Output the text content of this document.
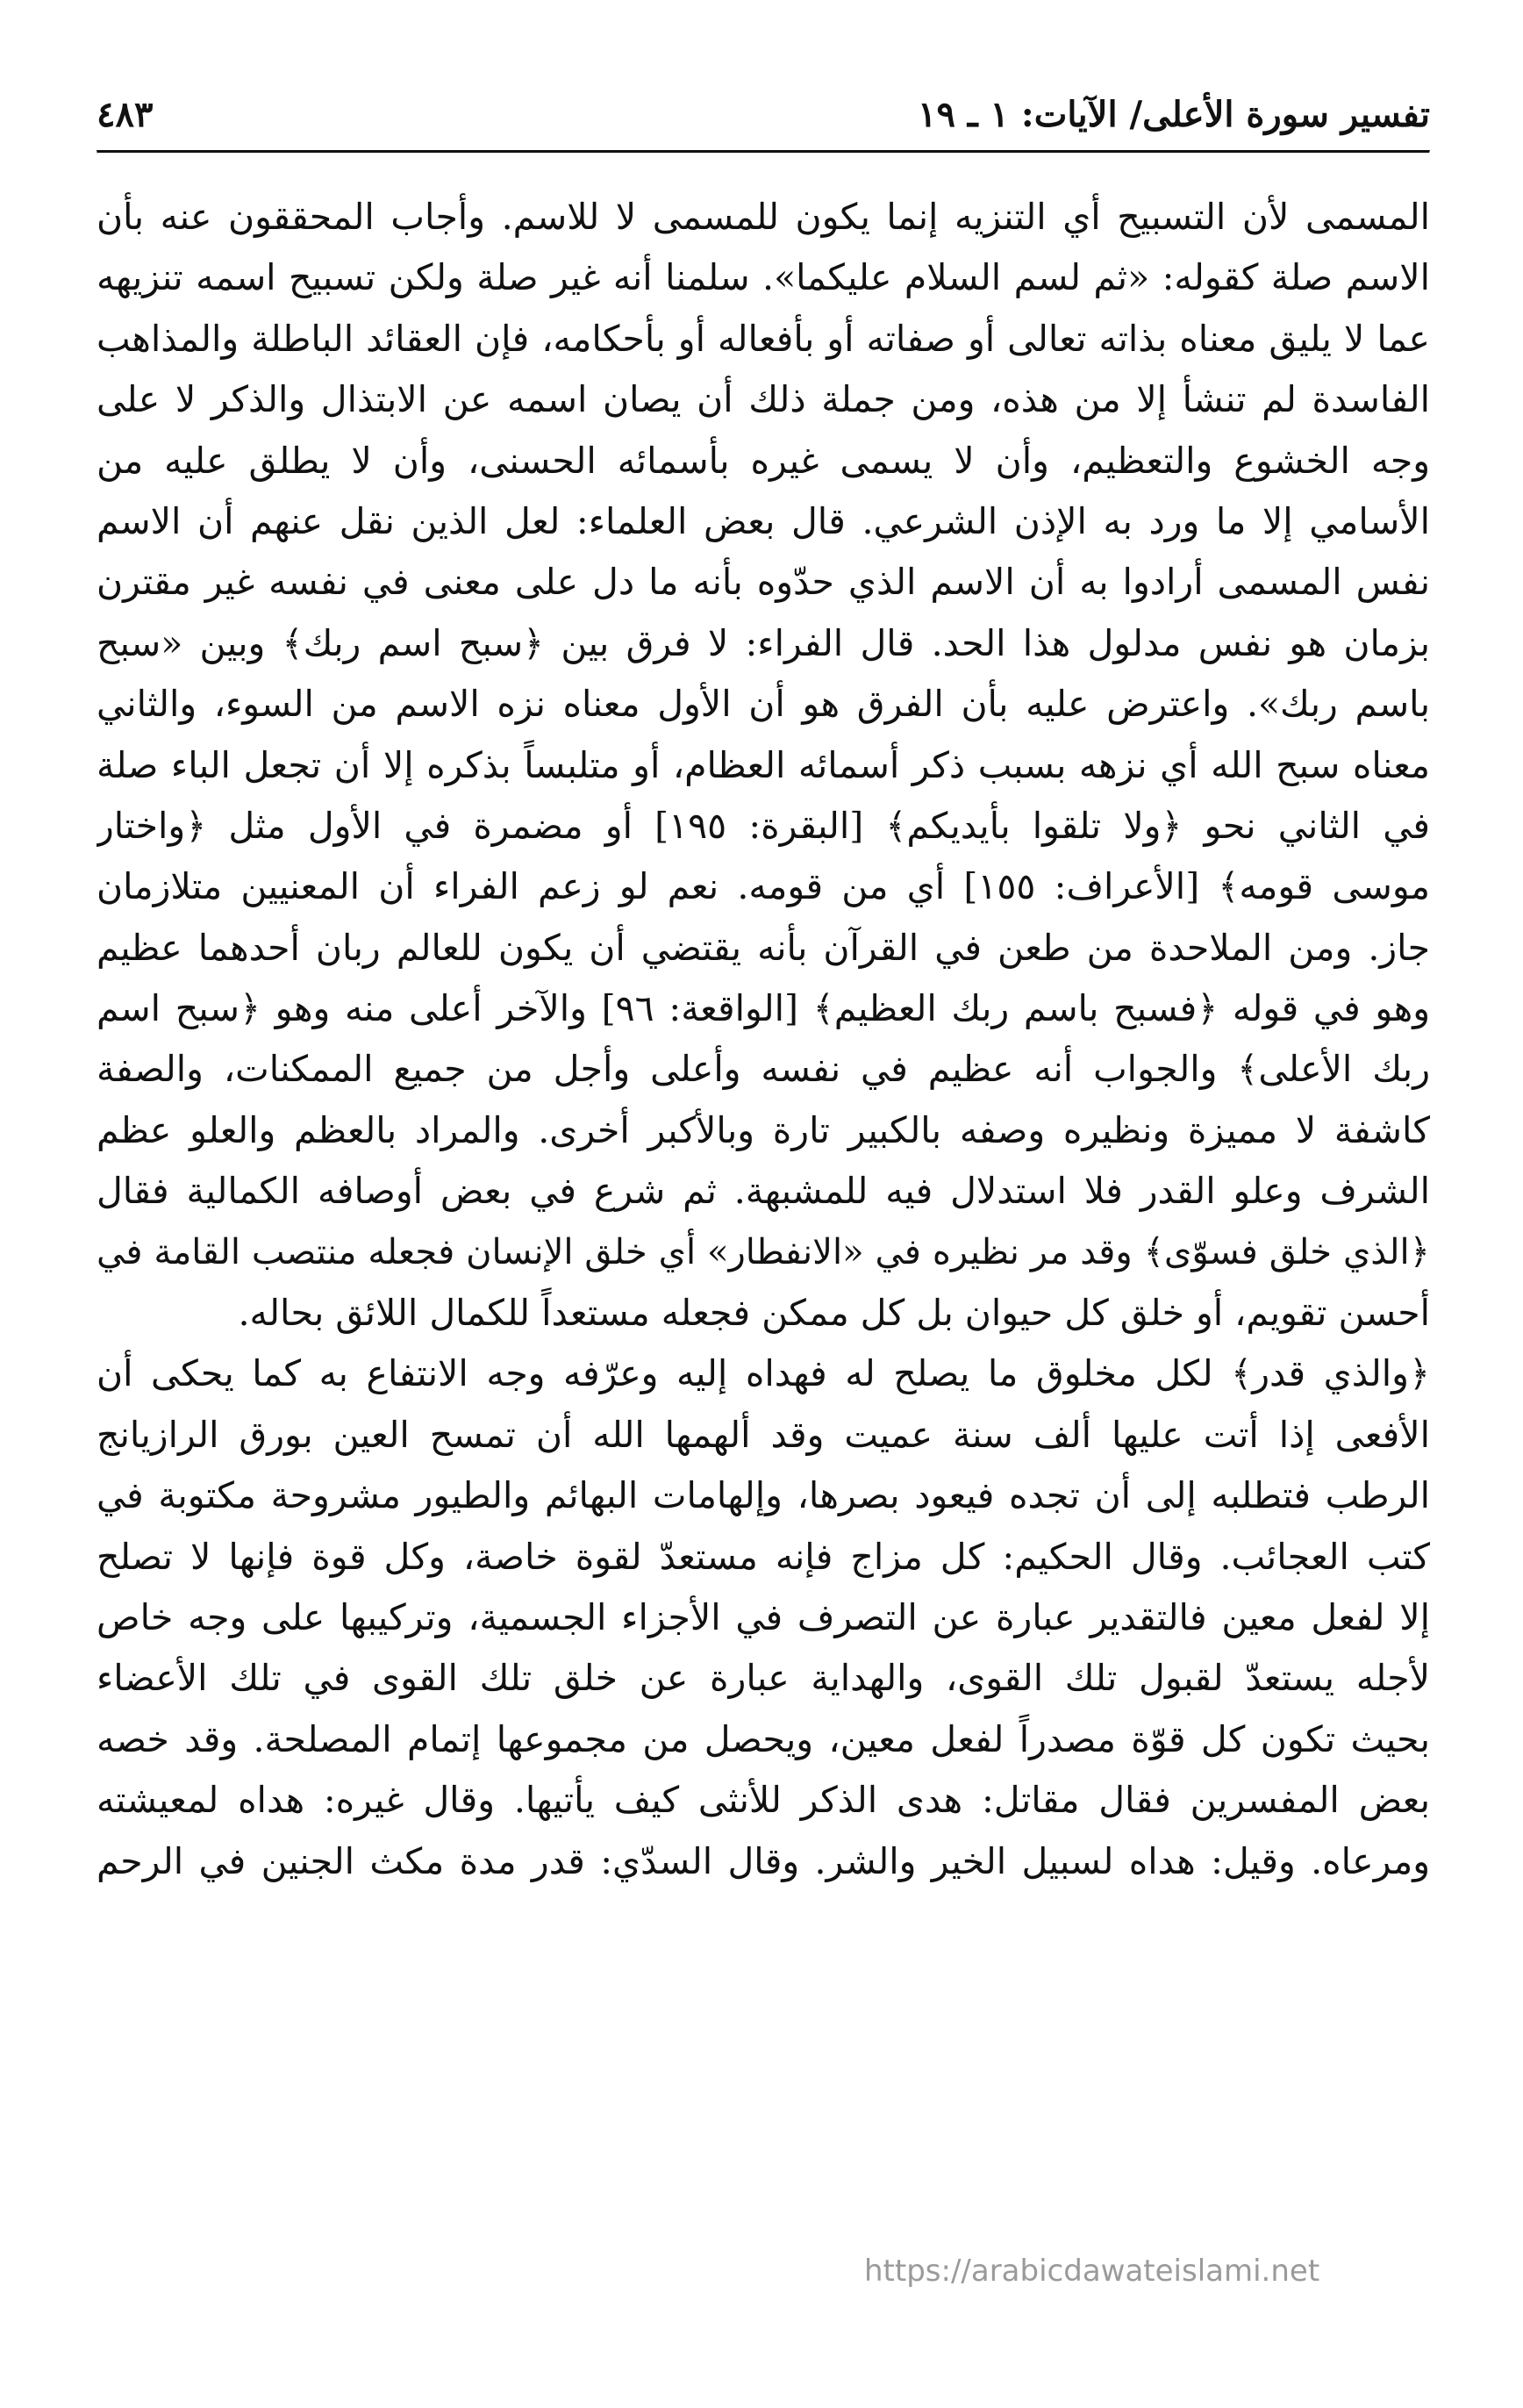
تفسير سورة الأعلى/ الآيات: ١ ـ ١٩
٤٨٣
المسمى لأن التسبيح أي التنزيه إنما يكون للمسمى لا للاسم. وأجاب المحققون عنه بأن
الاسم صلة كقوله: «ثم لسم السلام عليكما». سلمنا أنه غير صلة ولكن تسبيح اسمه تنزيهه
عما لا يليق معناه بذاته تعالى أو صفاته أو بأفعاله أو بأحكامه، فإن العقائد الباطلة والمذاهب
الفاسدة لم تنشأ إلا من هذه، ومن جملة ذلك أن يصان اسمه عن الابتذال والذكر لا على
وجه الخشوع والتعظيم، وأن لا يسمى غيره بأسمائه الحسنى، وأن لا يطلق عليه من
الأسامي إلا ما ورد به الإذن الشرعي. قال بعض العلماء: لعل الذين نقل عنهم أن الاسم
نفس المسمى أرادوا به أن الاسم الذي حدّوه بأنه ما دل على معنى في نفسه غير مقترن
بزمان هو نفس مدلول هذا الحد. قال الفراء: لا فرق بين ﴿سبح اسم ربك﴾ وبين «سبح
باسم ربك». واعترض عليه بأن الفرق هو أن الأول معناه نزه الاسم من السوء، والثاني
معناه سبح الله أي نزهه بسبب ذكر أسمائه العظام، أو متلبساً بذكره إلا أن تجعل الباء صلة
في الثاني نحو ﴿ولا تلقوا بأيديكم﴾ [البقرة: ١٩٥] أو مضمرة في الأول مثل ﴿واختار
موسى قومه﴾ [الأعراف: ١٥٥] أي من قومه. نعم لو زعم الفراء أن المعنيين متلازمان
جاز. ومن الملاحدة من طعن في القرآن بأنه يقتضي أن يكون للعالم ربان أحدهما عظيم
وهو في قوله ﴿فسبح باسم ربك العظيم﴾ [الواقعة: ٩٦] والآخر أعلى منه وهو ﴿سبح اسم
ربك الأعلى﴾ والجواب أنه عظيم في نفسه وأعلى وأجل من جميع الممكنات، والصفة
كاشفة لا مميزة ونظيره وصفه بالكبير تارة وبالأكبر أخرى. والمراد بالعظم والعلو عظم
الشرف وعلو القدر فلا استدلال فيه للمشبهة. ثم شرع في بعض أوصافه الكمالية فقال
﴿الذي خلق فسوّى﴾ وقد مر نظيره في «الانفطار» أي خلق الإنسان فجعله منتصب القامة في
أحسن تقويم، أو خلق كل حيوان بل كل ممكن فجعله مستعداً للكمال اللائق بحاله.
﴿والذي قدر﴾ لكل مخلوق ما يصلح له فهداه إليه وعرّفه وجه الانتفاع به كما يحكى أن
الأفعى إذا أتت عليها ألف سنة عميت وقد ألهمها الله أن تمسح العين بورق الرازيانج
الرطب فتطلبه إلى أن تجده فيعود بصرها، وإلهامات البهائم والطيور مشروحة مكتوبة في
كتب العجائب. وقال الحكيم: كل مزاج فإنه مستعدّ لقوة خاصة، وكل قوة فإنها لا تصلح
إلا لفعل معين فالتقدير عبارة عن التصرف في الأجزاء الجسمية، وتركيبها على وجه خاص
لأجله يستعدّ لقبول تلك القوى، والهداية عبارة عن خلق تلك القوى في تلك الأعضاء
بحيث تكون كل قوّة مصدراً لفعل معين، ويحصل من مجموعها إتمام المصلحة. وقد خصه
بعض المفسرين فقال مقاتل: هدى الذكر للأنثى كيف يأتيها. وقال غيره: هداه لمعيشته
ومرعاه. وقيل: هداه لسبيل الخير والشر. وقال السدّي: قدر مدة مكث الجنين في الرحم
https://arabicdawateislami.net
